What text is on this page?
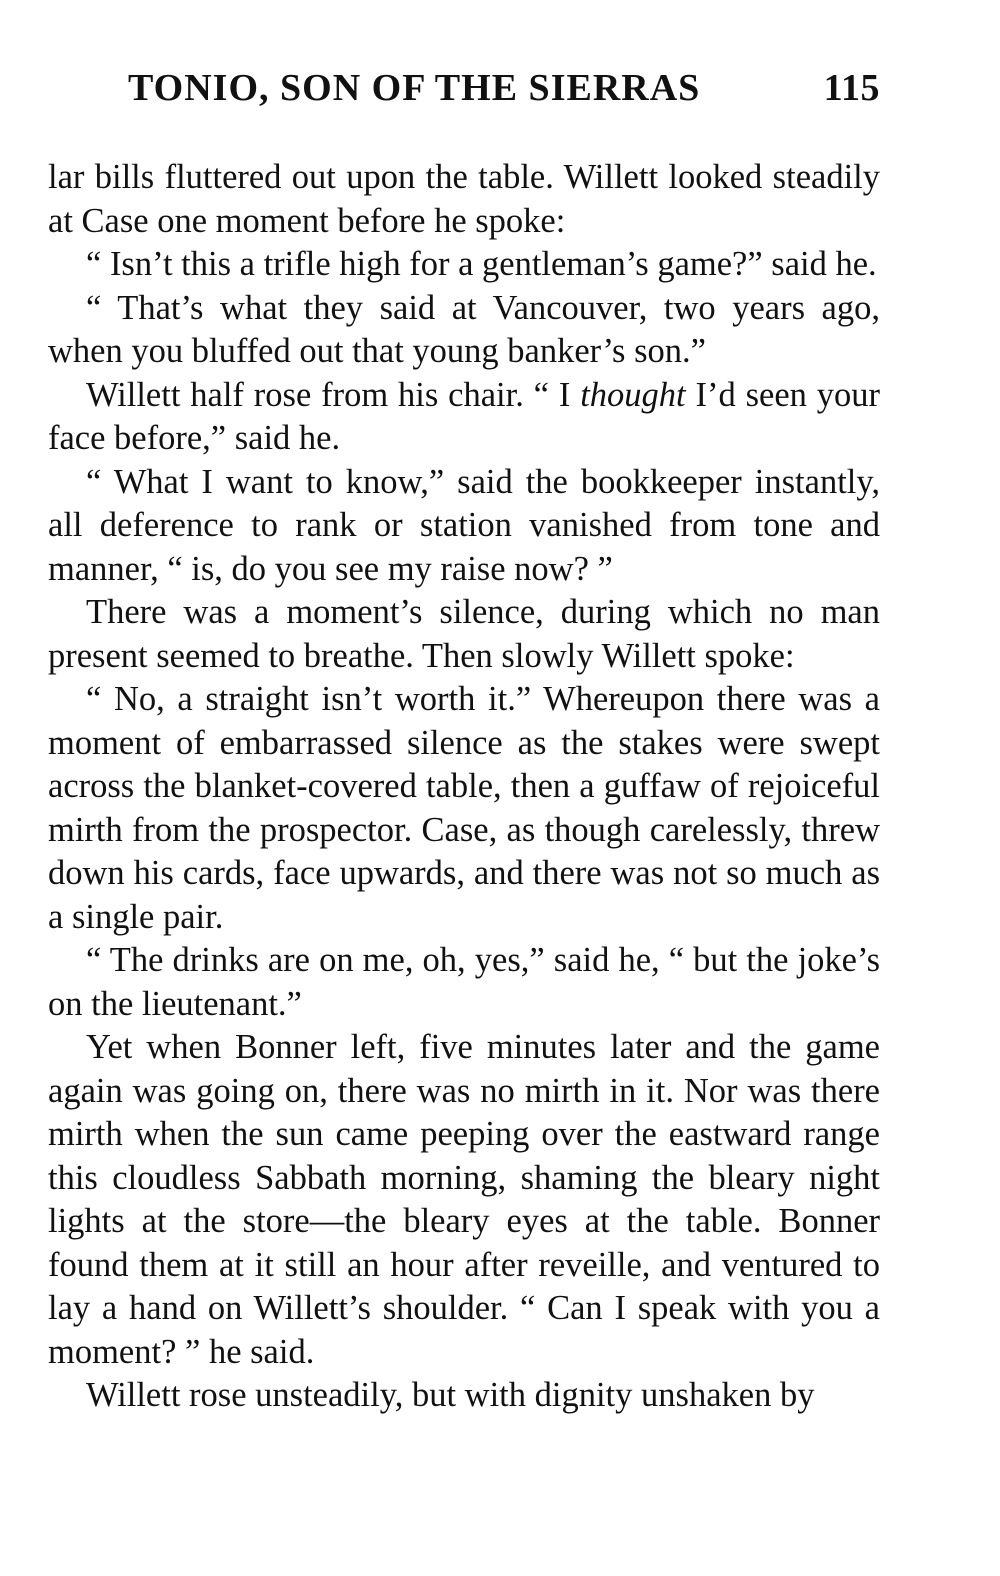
TONIO, SON OF THE SIERRAS	115

lar bills fluttered out upon the table. Willett looked steadily at Case one moment before he spoke:

“ Isn’t this a trifle high for a gentleman’s game?” said he.

“ That’s what they said at Vancouver, two years ago, when you bluffed out that young banker’s son.”

Willett half rose from his chair. “ I thought I’d seen your face before,” said he.

“ What I want to know,” said the bookkeeper instantly, all deference to rank or station vanished from tone and manner, “ is, do you see my raise now? ”

There was a moment’s silence, during which no man present seemed to breathe. Then slowly Willett spoke:

“ No, a straight isn’t worth it.” Whereupon there was a moment of embarrassed silence as the stakes were swept across the blanket-covered table, then a guffaw of rejoiceful mirth from the prospector. Case, as though carelessly, threw down his cards, face upwards, and there was not so much as a single pair.

“ The drinks are on me, oh, yes,” said he, “ but the joke’s on the lieutenant.”

Yet when Bonner left, five minutes later and the game again was going on, there was no mirth in it. Nor was there mirth when the sun came peeping over the eastward range this cloudless Sabbath morning, shaming the bleary night lights at the store—the bleary eyes at the table. Bonner found them at it still an hour after reveille, and ventured to lay a hand on Willett’s shoulder. “ Can I speak with you a moment? ” he said.

Willett rose unsteadily, but with dignity unshaken by
